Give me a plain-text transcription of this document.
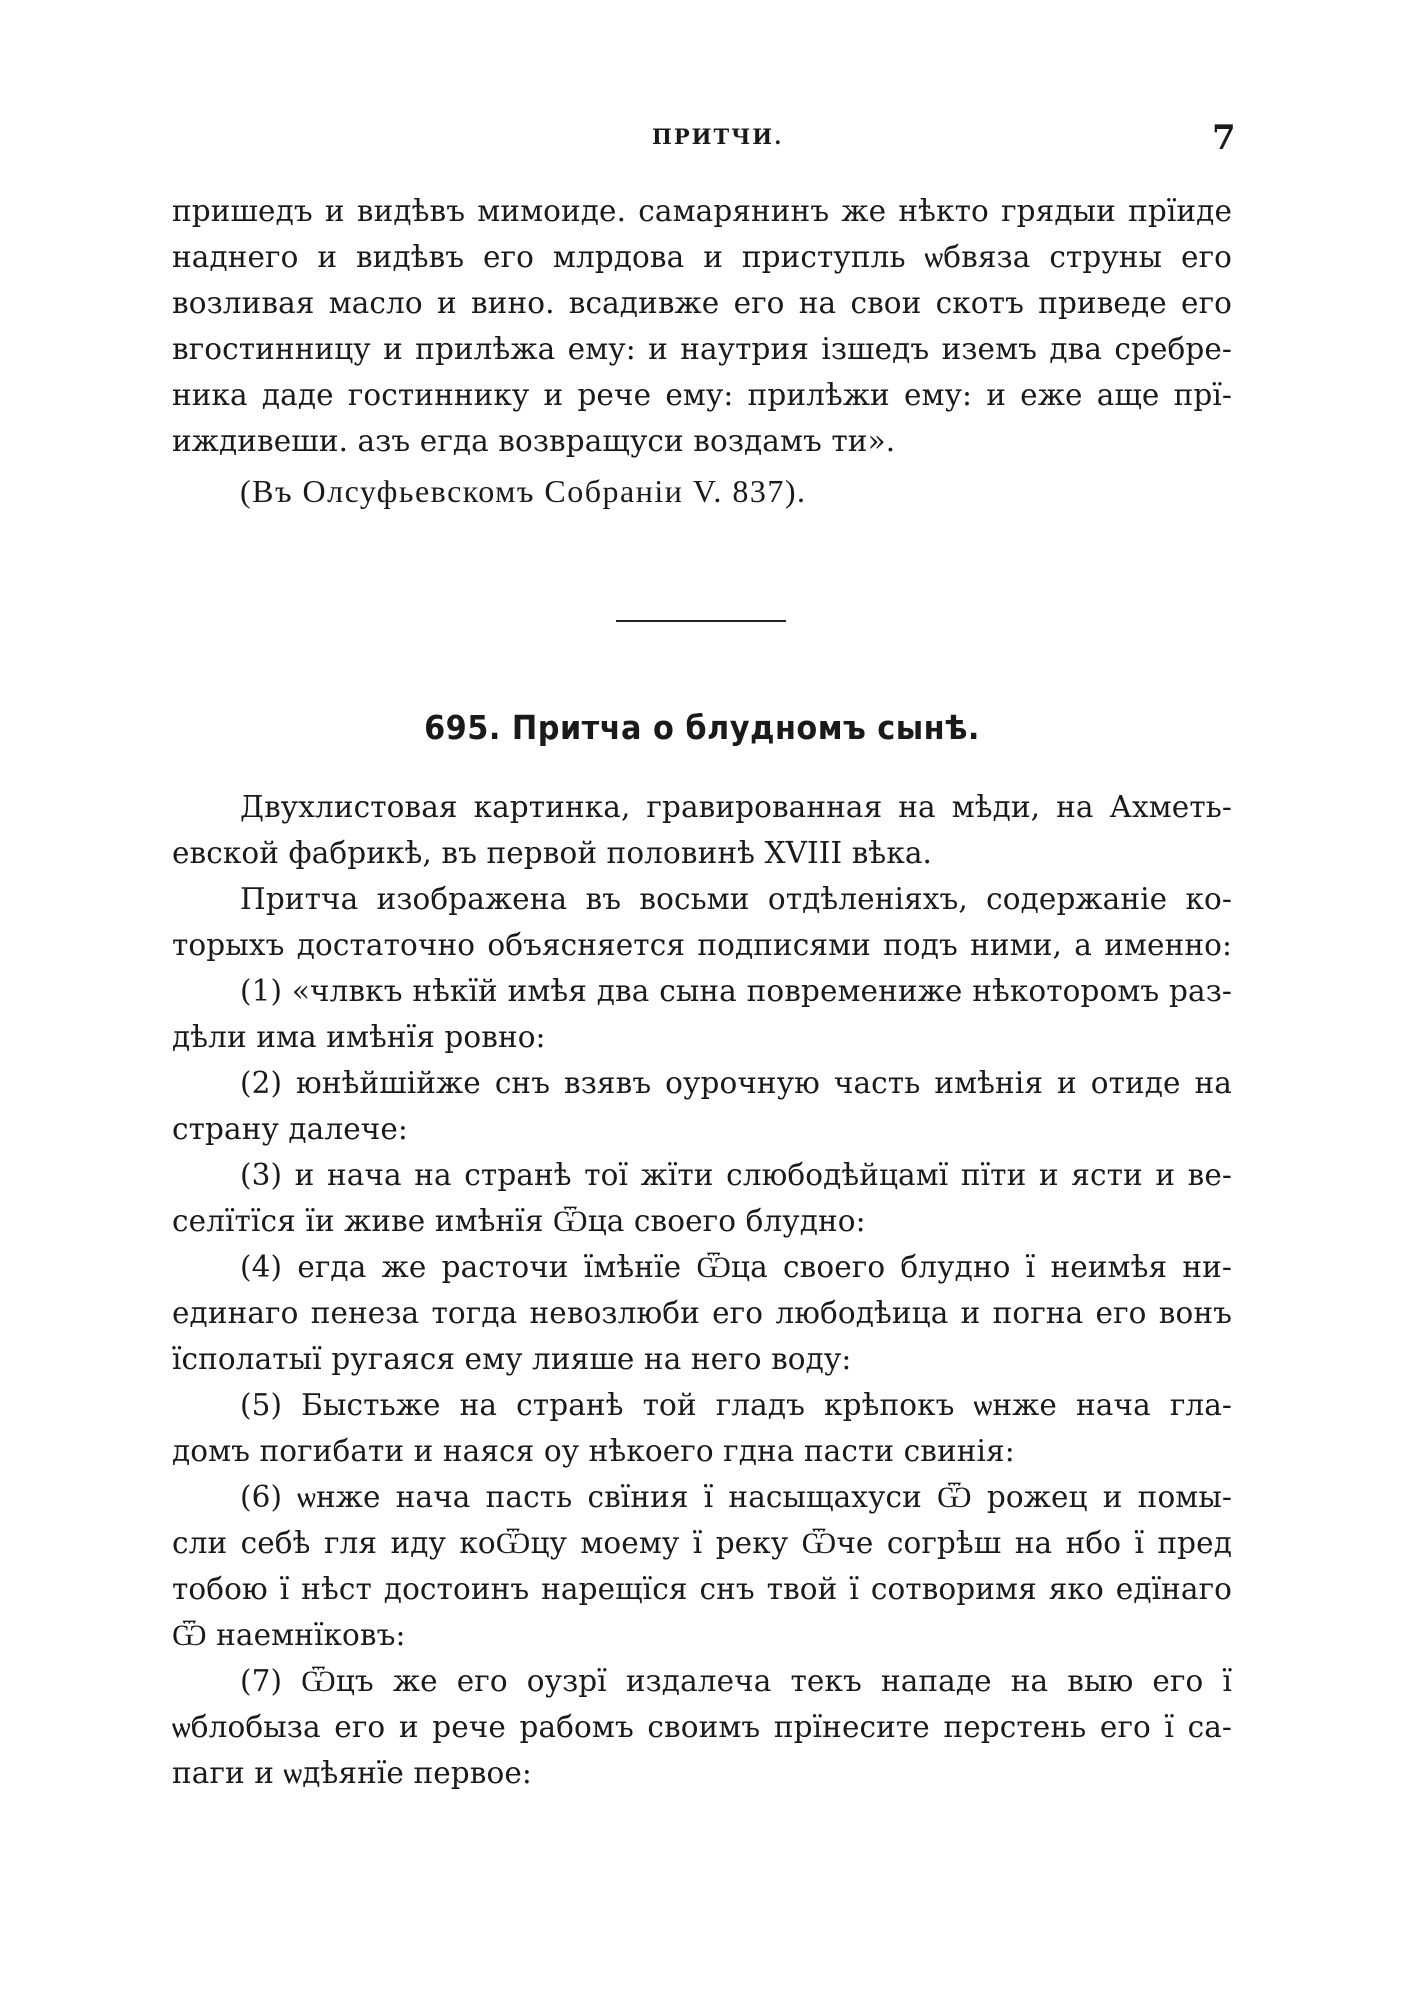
ПРИТЧИ.	7
пришедъ и видѣвъ мимоиде. самарянинъ же нѣкто грядыи прїиде
наднего и видѣвъ его млрдова и приступль ѡбвяза струны его
возливая масло и вино. всадивже его на свои скотъ приведе его
вгостинницу и прилѣжа ему: и наутрия ізшедъ иземъ два сребре-
ника даде гостиннику и рече ему: прилѣжи ему: и еже аще прї-
иждивеши. азъ егда возвращуси воздамъ ти».
(Въ Олсуфьевскомъ Собраніи V. 837).
695. Притча о блудномъ сынѣ.
Двухлистовая картинка, гравированная на мѣди, на Ахметь-
евской фабрикѣ, въ первой половинѣ XVIII вѣка.
Притча изображена въ восьми отдѣленіяхъ, содержаніе ко-
торыхъ достаточно объясняется подписями подъ ними, а именно:
(1) «члвкъ нѣкїй имѣя два сына повремениже нѣкоторомъ раз-
дѣли има имѣнїя ровно:
(2) юнѣйшійже снъ взявъ оурочную часть имѣнія и отиде на
страну далече:
(3) и нача на странѣ тої жїти слюбодѣйцамї пїти и ясти и ве-
селїтїся їи живе имѣнїя Ѿца своего блудно:
(4) егда же расточи їмѣнїе Ѿца своего блудно ї неимѣя ни-
единаго пенеза тогда невозлюби его любодѣица и погна его вонъ
їсполатыї ругаяся ему лияше на него воду:
(5) Быстьже на странѣ той гладъ крѣпокъ ѡнже нача гла-
домъ погибати и наяся оу нѣкоего гдна пасти свинія:
(6) ѡнже нача пасть свїния ї насыщахуси Ѿ рожец и помы-
сли себѣ гля иду коѾцу моему ї реку Ѿче согрѣш на нбо ї пред
тобою ї нѣст достоинъ нарещїся снъ твой ї сотворимя яко едїнаго
Ѿ наемнїковъ:
(7) Ѿцъ же его оузрї издалеча текъ нападе на выю его ї
ѡблобыза его и рече рабомъ своимъ прїнесите перстень его ї са-
паги и ѡдѣянїе первое:
